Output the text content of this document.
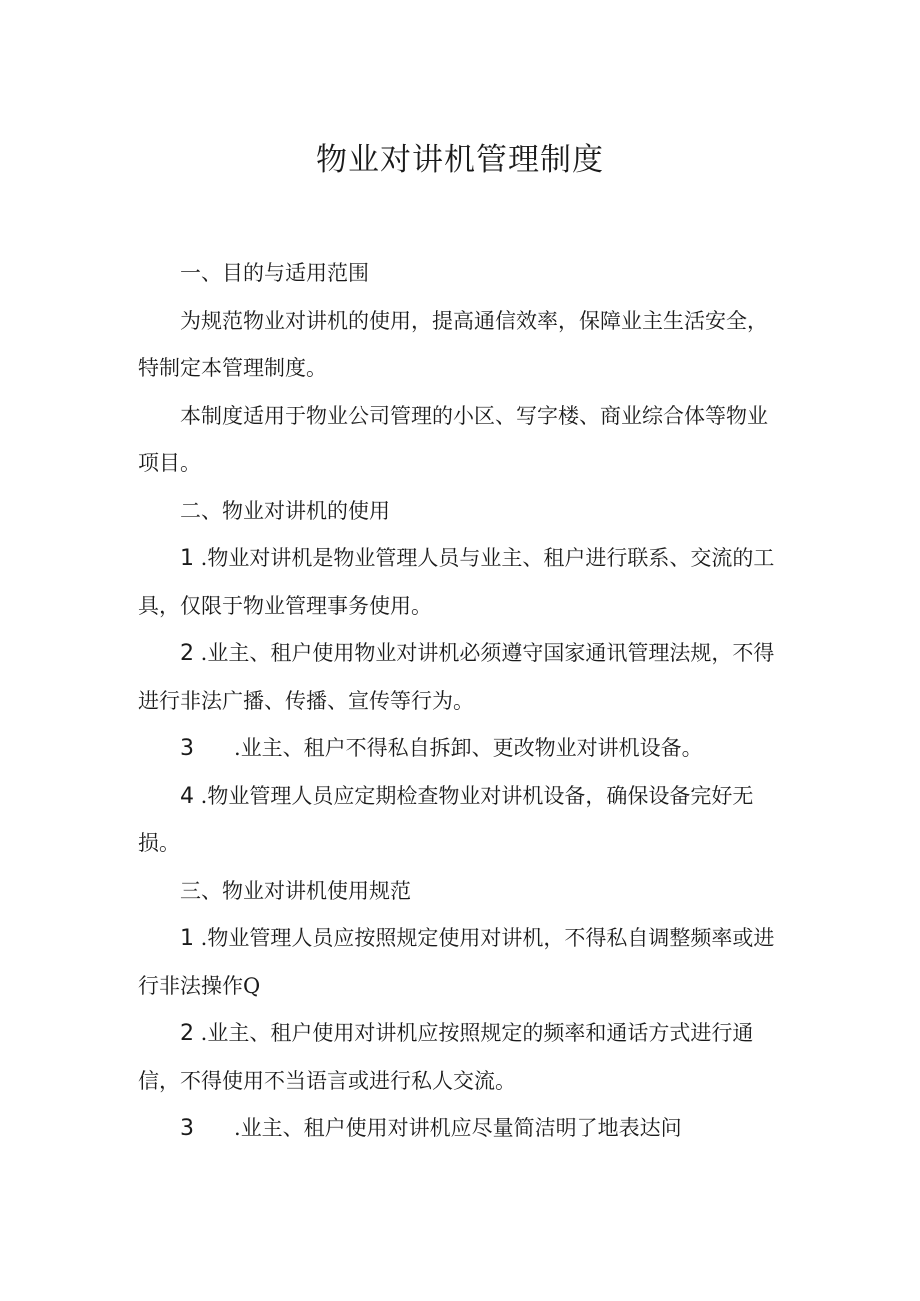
物业对讲机管理制度

一、目的与适用范围

为规范物业对讲机的使用，提高通信效率，保障业主生活安全，特制定本管理制度。

本制度适用于物业公司管理的小区、写字楼、商业综合体等物业项目。

二、物业对讲机的使用

1 .物业对讲机是物业管理人员与业主、租户进行联系、交流的工具，仅限于物业管理事务使用。

2 .业主、租户使用物业对讲机必须遵守国家通讯管理法规，不得进行非法广播、传播、宣传等行为。

3 .业主、租户不得私自拆卸、更改物业对讲机设备。

4 .物业管理人员应定期检查物业对讲机设备，确保设备完好无损。

三、物业对讲机使用规范

1 .物业管理人员应按照规定使用对讲机，不得私自调整频率或进行非法操作Q

2 .业主、租户使用对讲机应按照规定的频率和通话方式进行通信，不得使用不当语言或进行私人交流。

3 .业主、租户使用对讲机应尽量简洁明了地表达问
